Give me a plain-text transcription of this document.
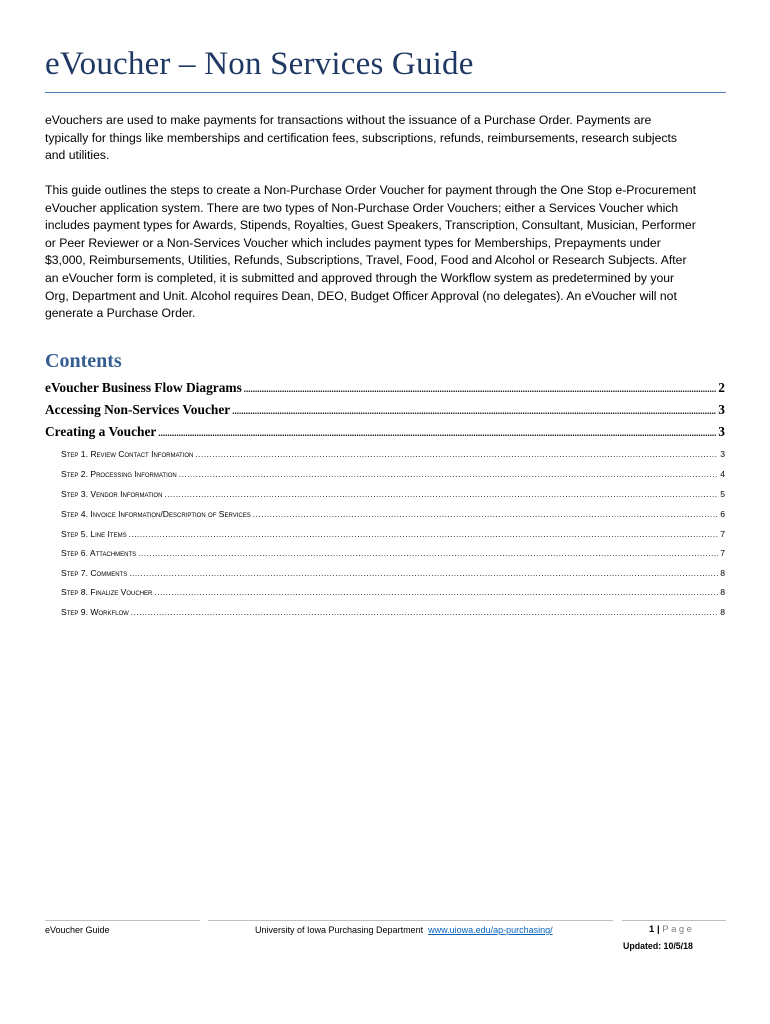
eVoucher – Non Services Guide
eVouchers are used to make payments for transactions without the issuance of a Purchase Order. Payments are
typically for things like memberships and certification fees, subscriptions, refunds, reimbursements, research subjects
and utilities.
This guide outlines the steps to create a Non-Purchase Order Voucher for payment through the One Stop e-Procurement
eVoucher application system. There are two types of Non-Purchase Order Vouchers; either a Services Voucher which
includes payment types for Awards, Stipends, Royalties, Guest Speakers, Transcription, Consultant, Musician, Performer
or Peer Reviewer or a Non-Services Voucher which includes payment types for Memberships, Prepayments under
$3,000, Reimbursements, Utilities, Refunds, Subscriptions, Travel, Food, Food and Alcohol or Research Subjects. After
an eVoucher form is completed, it is submitted and approved through the Workflow system as predetermined by your
Org, Department and Unit. Alcohol requires Dean, DEO, Budget Officer Approval (no delegates). An eVoucher will not
generate a Purchase Order.
Contents
eVoucher Business Flow Diagrams .....	2
Accessing Non-Services Voucher .....	3
Creating a Voucher .....	3
Step 1. Review Contact Information .....	3
Step 2. Processing Information .....	4
Step 3. Vendor Information .....	5
Step 4. Invoice Information/Description of Services .....	6
Step 5. Line Items .....	7
Step 6. Attachments .....	7
Step 7. Comments .....	8
Step 8. Finalize Voucher .....	8
Step 9. Workflow .....	8
eVoucher Guide	University of Iowa Purchasing Department www.uiowa.edu/ap-purchasing/	1 | Page
Updated: 10/5/18
